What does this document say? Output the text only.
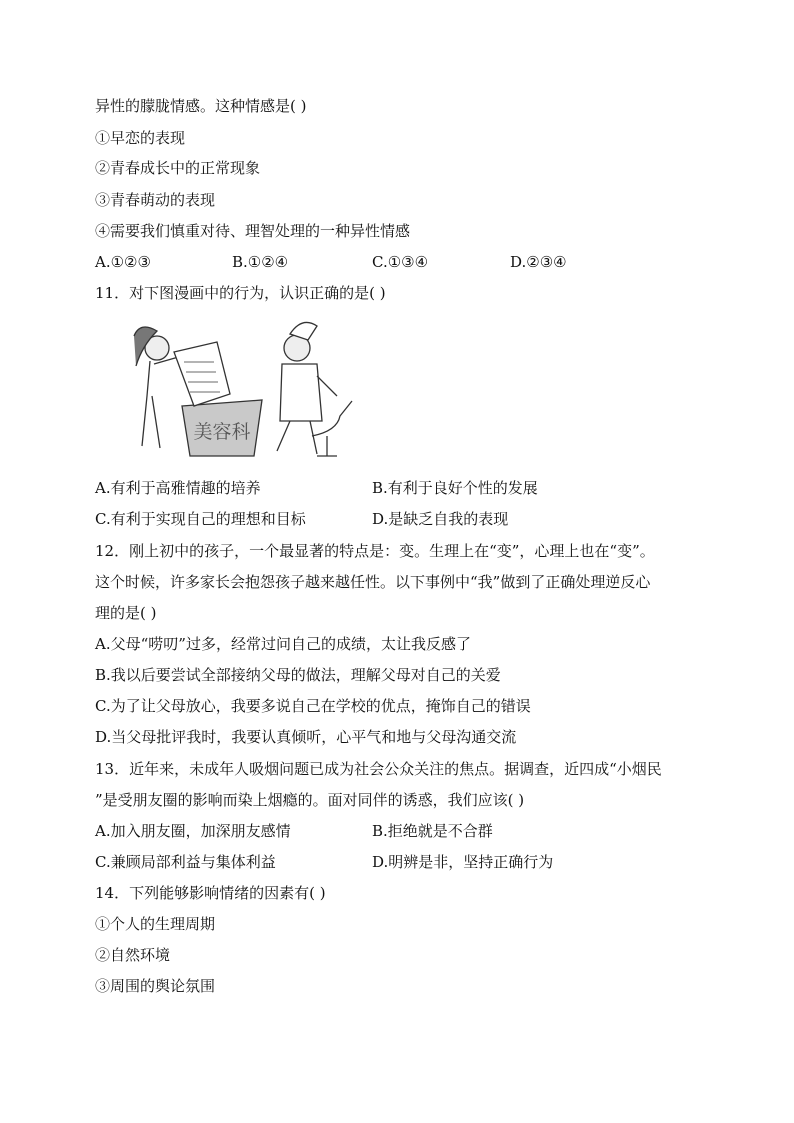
异性的朦胧情感。这种情感是( )
①早恋的表现
②青春成长中的正常现象
③青春萌动的表现
④需要我们慎重对待、理智处理的一种异性情感
A.①②③	B.①②④	C.①③④	D.②③④
11．对下图漫画中的行为，认识正确的是( )
美容科
A.有利于高雅情趣的培养	B.有利于良好个性的发展
C.有利于实现自己的理想和目标	D.是缺乏自我的表现
12．刚上初中的孩子，一个最显著的特点是：变。生理上在“变”，心理上也在“变”。
这个时候，许多家长会抱怨孩子越来越任性。以下事例中“我”做到了正确处理逆反心
理的是( )
A.父母“唠叨”过多，经常过问自己的成绩，太让我反感了
B.我以后要尝试全部接纳父母的做法，理解父母对自己的关爱
C.为了让父母放心，我要多说自己在学校的优点，掩饰自己的错误
D.当父母批评我时，我要认真倾听，心平气和地与父母沟通交流
13．近年来，未成年人吸烟问题已成为社会公众关注的焦点。据调查，近四成“小烟民
”是受朋友圈的影响而染上烟瘾的。面对同伴的诱惑，我们应该( )
A.加入朋友圈，加深朋友感情	B.拒绝就是不合群
C.兼顾局部利益与集体利益	D.明辨是非，坚持正确行为
14．下列能够影响情绪的因素有( )
①个人的生理周期
②自然环境
③周围的舆论氛围
